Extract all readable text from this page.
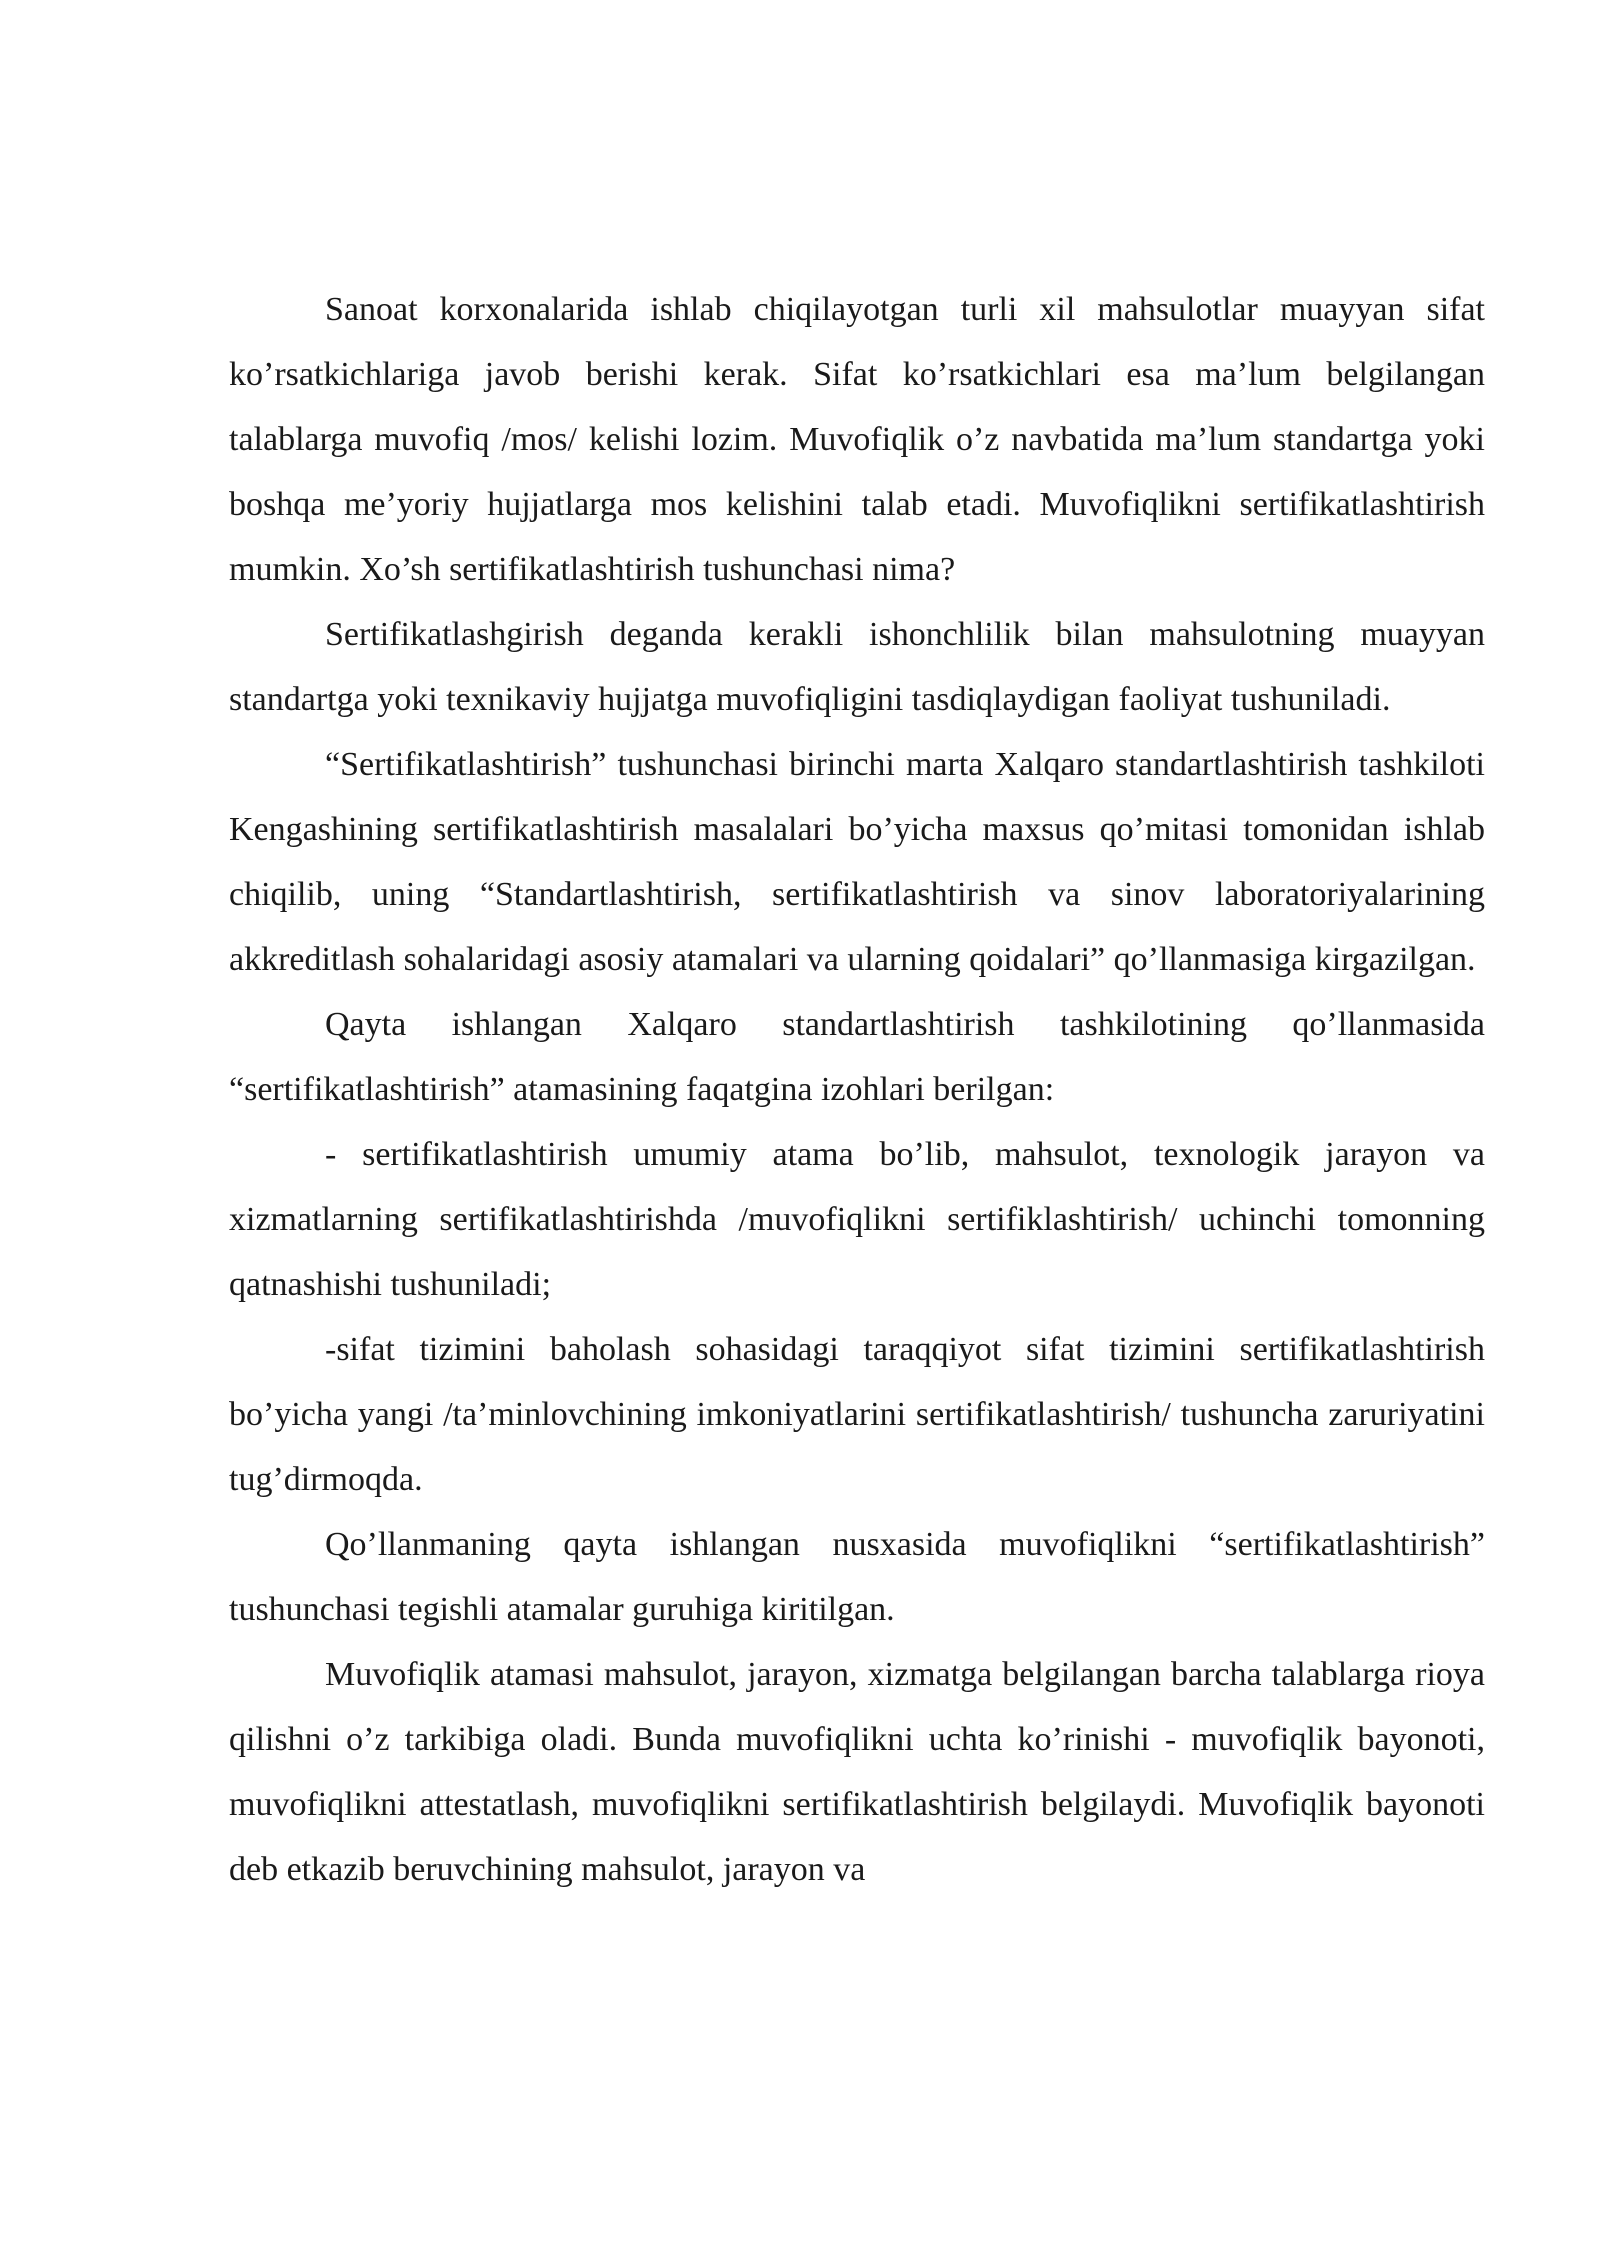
Sanoat korxonalarida ishlab chiqilayotgan turli xil mahsulotlar muayyan sifat ko’rsatkichlariga javob berishi kerak. Sifat ko’rsatkichlari esa ma’lum belgilangan talablarga muvofiq /mos/ kelishi lozim. Muvofiqlik o’z navbatida ma’lum standartga yoki boshqa me’yoriy hujjatlarga mos kelishini talab etadi. Muvofiqlikni sertifikatlashtirish mumkin. Xo’sh sertifikatlashtirish tushunchasi nima?

Sertifikatlashgirish deganda kerakli ishonchlilik bilan mahsulotning muayyan standartga yoki texnikaviy hujjatga muvofiqligini tasdiqlaydigan faoliyat tushuniladi.

“Sertifikatlashtirish” tushunchasi birinchi marta Xalqaro standartlashtirish tashkiloti Kengashining sertifikatlashtirish masalalari bo’yicha maxsus qo’mitasi tomonidan ishlab chiqilib, uning “Standartlashtirish, sertifikatlashtirish va sinov laboratoriyalarining akkreditlash sohalaridagi asosiy atamalari va ularning qoidalari” qo’llanmasiga kirgazilgan.

Qayta ishlangan Xalqaro standartlashtirish tashkilotining qo’llanmasida “sertifikatlashtirish” atamasining faqatgina izohlari berilgan:

- sertifikatlashtirish umumiy atama bo’lib, mahsulot, texnologik jarayon va xizmatlarning sertifikatlashtirishda /muvofiqlikni sertifiklashtirish/ uchinchi tomonning qatnashishi tushuniladi;

-sifat tizimini baholash sohasidagi taraqqiyot sifat tizimini sertifikatlashtirish bo’yicha yangi /ta’minlovchining imkoniyatlarini sertifikatlashtirish/ tushuncha zaruriyatini tug’dirmoqda.

Qo’llanmaning qayta ishlangan nusxasida muvofiqlikni “sertifikatlashtirish” tushunchasi tegishli atamalar guruhiga kiritilgan.

Muvofiqlik atamasi mahsulot, jarayon, xizmatga belgilangan barcha talablarga rioya qilishni o’z tarkibiga oladi. Bunda muvofiqlikni uchta ko’rinishi - muvofiqlik bayonoti, muvofiqlikni attestatlash, muvofiqlikni sertifikatlashtirish belgilaydi. Muvofiqlik bayonoti deb etkazib beruvchining mahsulot, jarayon va
